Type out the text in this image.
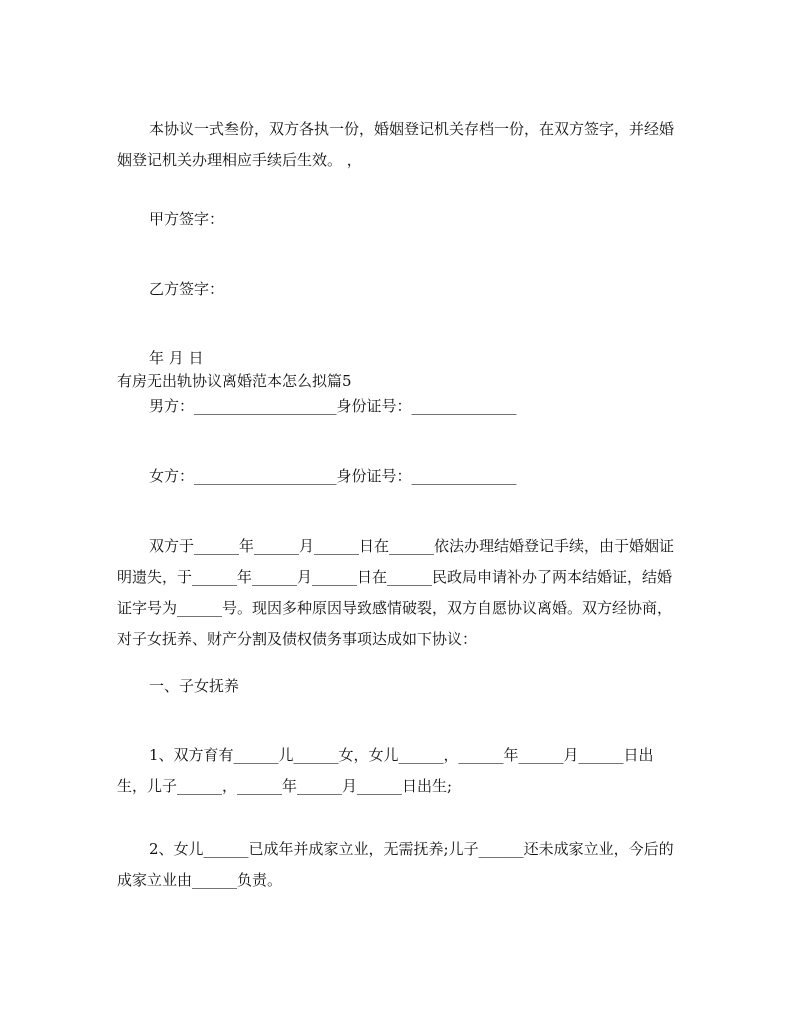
本协议一式叁份，双方各执一份，婚姻登记机关存档一份，在双方签字，并经婚姻登记机关办理相应手续后生效。 ，

甲方签字：

乙方签字：

年 月 日

有房无出轨协议离婚范本怎么拟篇5

男方：___________________身份证号：______________

女方：___________________身份证号：______________

双方于______年______月______日在______依法办理结婚登记手续，由于婚姻证明遗失，于______年______月______日在______民政局申请补办了两本结婚证，结婚证字号为______号。现因多种原因导致感情破裂，双方自愿协议离婚。双方经协商，对子女抚养、财产分割及债权债务事项达成如下协议：

一、子女抚养

1、双方育有______儿______女，女儿______，______年______月______日出生，儿子______，______年______月______日出生;

2、女儿______已成年并成家立业，无需抚养;儿子______还未成家立业，今后的成家立业由______负责。
